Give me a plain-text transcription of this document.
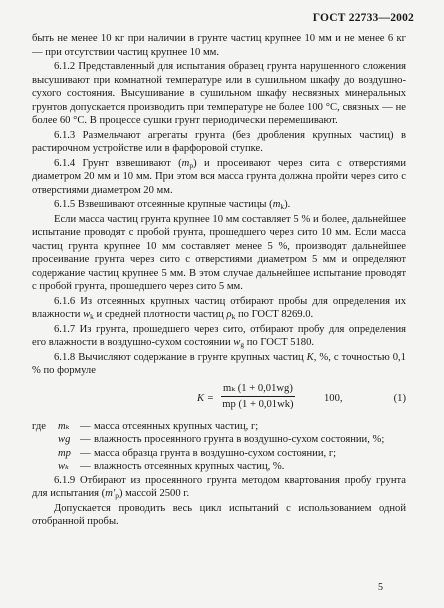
ГОСТ 22733—2002

быть не менее 10 кг при наличии в грунте частиц крупнее 10 мм и не менее 6 кг — при отсутствии частиц крупнее 10 мм.

6.1.2 Представленный для испытания образец грунта нарушенного сложения высушивают при комнатной температуре или в сушильном шкафу до воздушно-сухого состояния. Высушивание в сушильном шкафу несвязных минеральных грунтов допускается производить при температуре не более 100 °С, связных — не более 60 °С. В процессе сушки грунт периодически перемешивают.

6.1.3 Размельчают агрегаты грунта (без дробления крупных частиц) в растирочном устройстве или в фарфоровой ступке.

6.1.4 Грунт взвешивают $(m_p)$ и просеивают через сита с отверстиями диаметром 20 мм и 10 мм. При этом вся масса грунта должна пройти через сито с отверстиями диаметром 20 мм.

6.1.5 Взвешивают отсеянные крупные частицы $(m_k)$.

Если масса частиц грунта крупнее 10 мм составляет 5 % и более, дальнейшее испытание проводят с пробой грунта, прошедшего через сито 10 мм. Если масса частиц грунта крупнее 10 мм составляет менее 5 %, производят дальнейшее просеивание грунта через сито с отверстиями диаметром 5 мм и определяют содержание частиц крупнее 5 мм. В этом случае дальнейшее испытание проводят с пробой грунта, прошедшего через сито 5 мм.

6.1.6 Из отсеянных крупных частиц отбирают пробы для определения их влажности $w_k$ и средней плотности частиц $\rho_k$ по ГОСТ 8269.0.

6.1.7 Из грунта, прошедшего через сито, отбирают пробу для определения его влажности в воздушно-сухом состоянии $w_g$ по ГОСТ 5180.

6.1.8 Вычисляют содержание в грунте крупных частиц K, %, с точностью 0,1 % по формуле

$K = \frac{\text{mₖ (1 + 0,01wg)}}{mp (1 + 0,01wk)}$	100,	(1)
где	mₖ — масса отсеянных крупных частиц, г;
wg — влажность просеянного грунта в воздушно-сухом состоянии, %;
mp — масса образца грунта в воздушно-сухом состоянии, г;
wₖ	— влажность отсеянных крупных частиц, %.

6.1.9 Отбирают из просеянного грунта методом квартования пробу грунта для испытания $(m'_p)$ массой 2500 г.

Допускается проводить весь цикл испытаний с использованием одной отобранной пробы.

5
